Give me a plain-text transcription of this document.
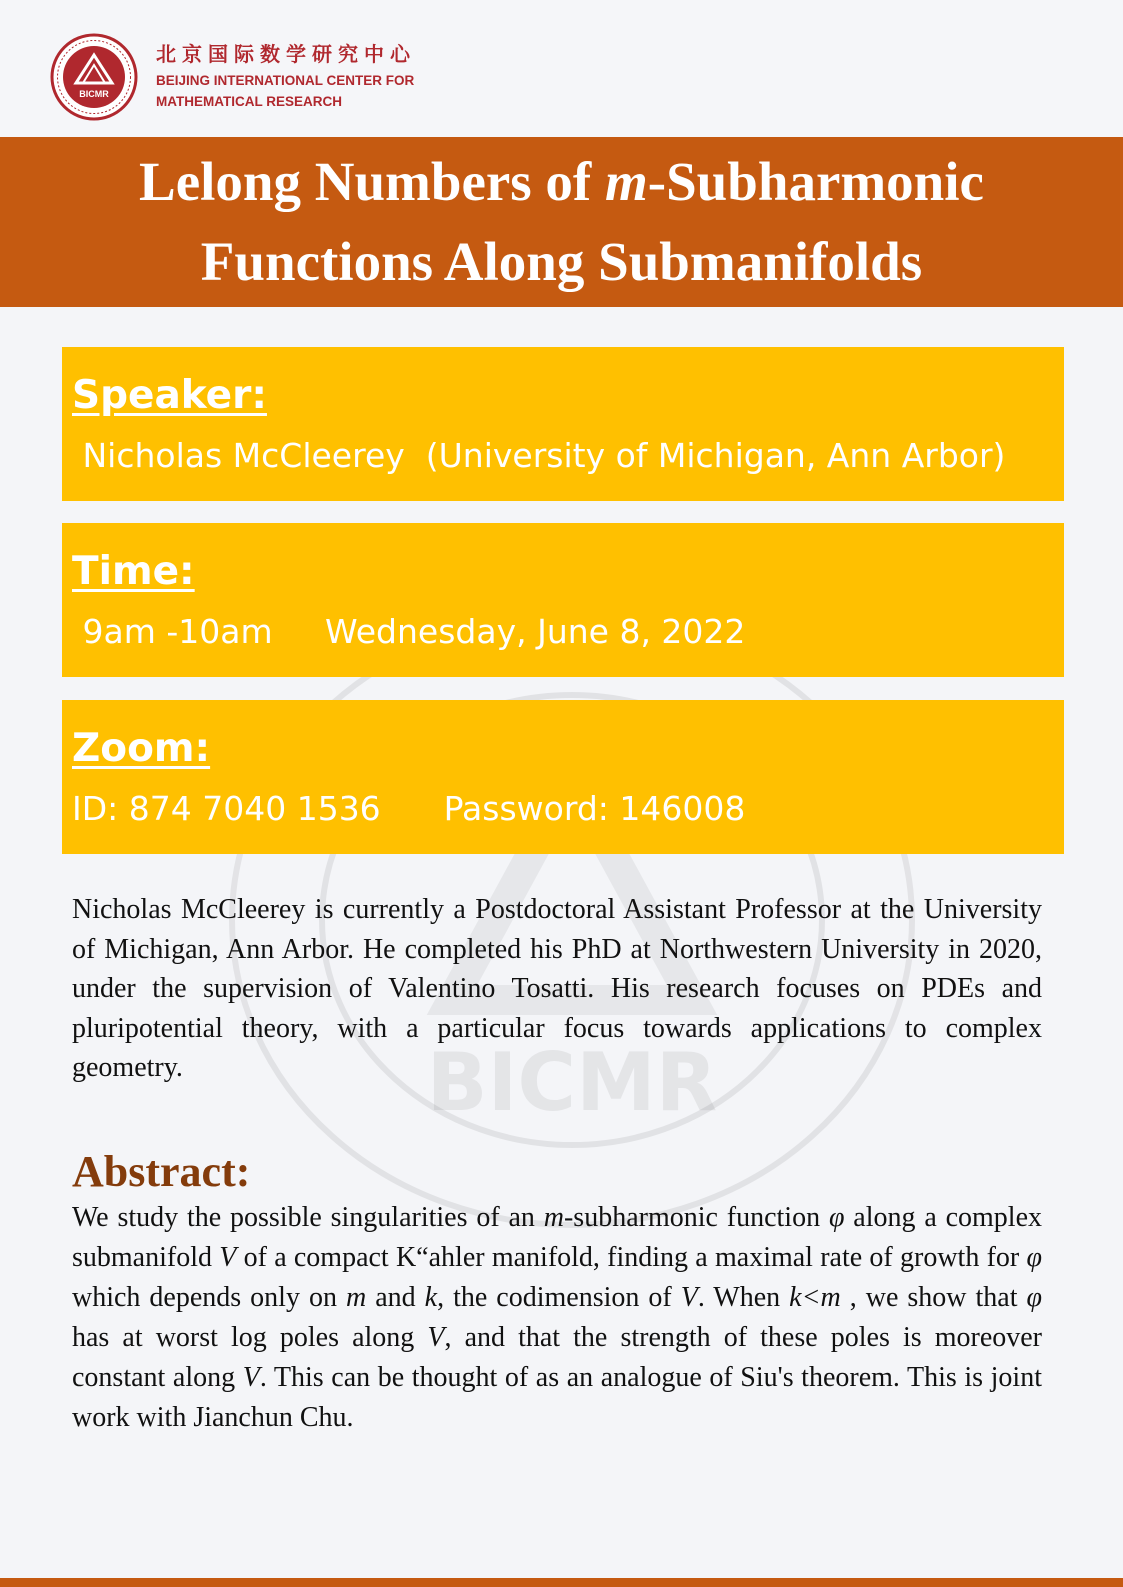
BICMR
北京国际数学研究中心
BEIJING INTERNATIONAL CENTER FOR
MATHEMATICAL RESEARCH
Lelong Numbers of m-Subharmonic
Functions Along Submanifolds
BICMR
Speaker:
Nicholas McCleerey  (University of Michigan, Ann Arbor)
Time:
9am -10am     Wednesday, June 8, 2022
Zoom:
ID: 874 7040 1536      Password: 146008
Nicholas McCleerey is currently a Postdoctoral Assistant Professor at the University of Michigan, Ann Arbor. He completed his PhD at Northwestern University in 2020, under the supervision of Valentino Tosatti. His research focuses on PDEs and pluripotential theory, with a particular focus towards applications to complex geometry.
Abstract:
We study the possible singularities of an m-subharmonic function φ along a complex submanifold V of a compact K“ahler manifold, finding a maximal rate of growth for φ which depends only on m and k, the codimension of V. When k<m , we show that φ has at worst log poles along V, and that the strength of these poles is moreover constant along V. This can be thought of as an analogue of Siu's theorem. This is joint work with Jianchun Chu.
